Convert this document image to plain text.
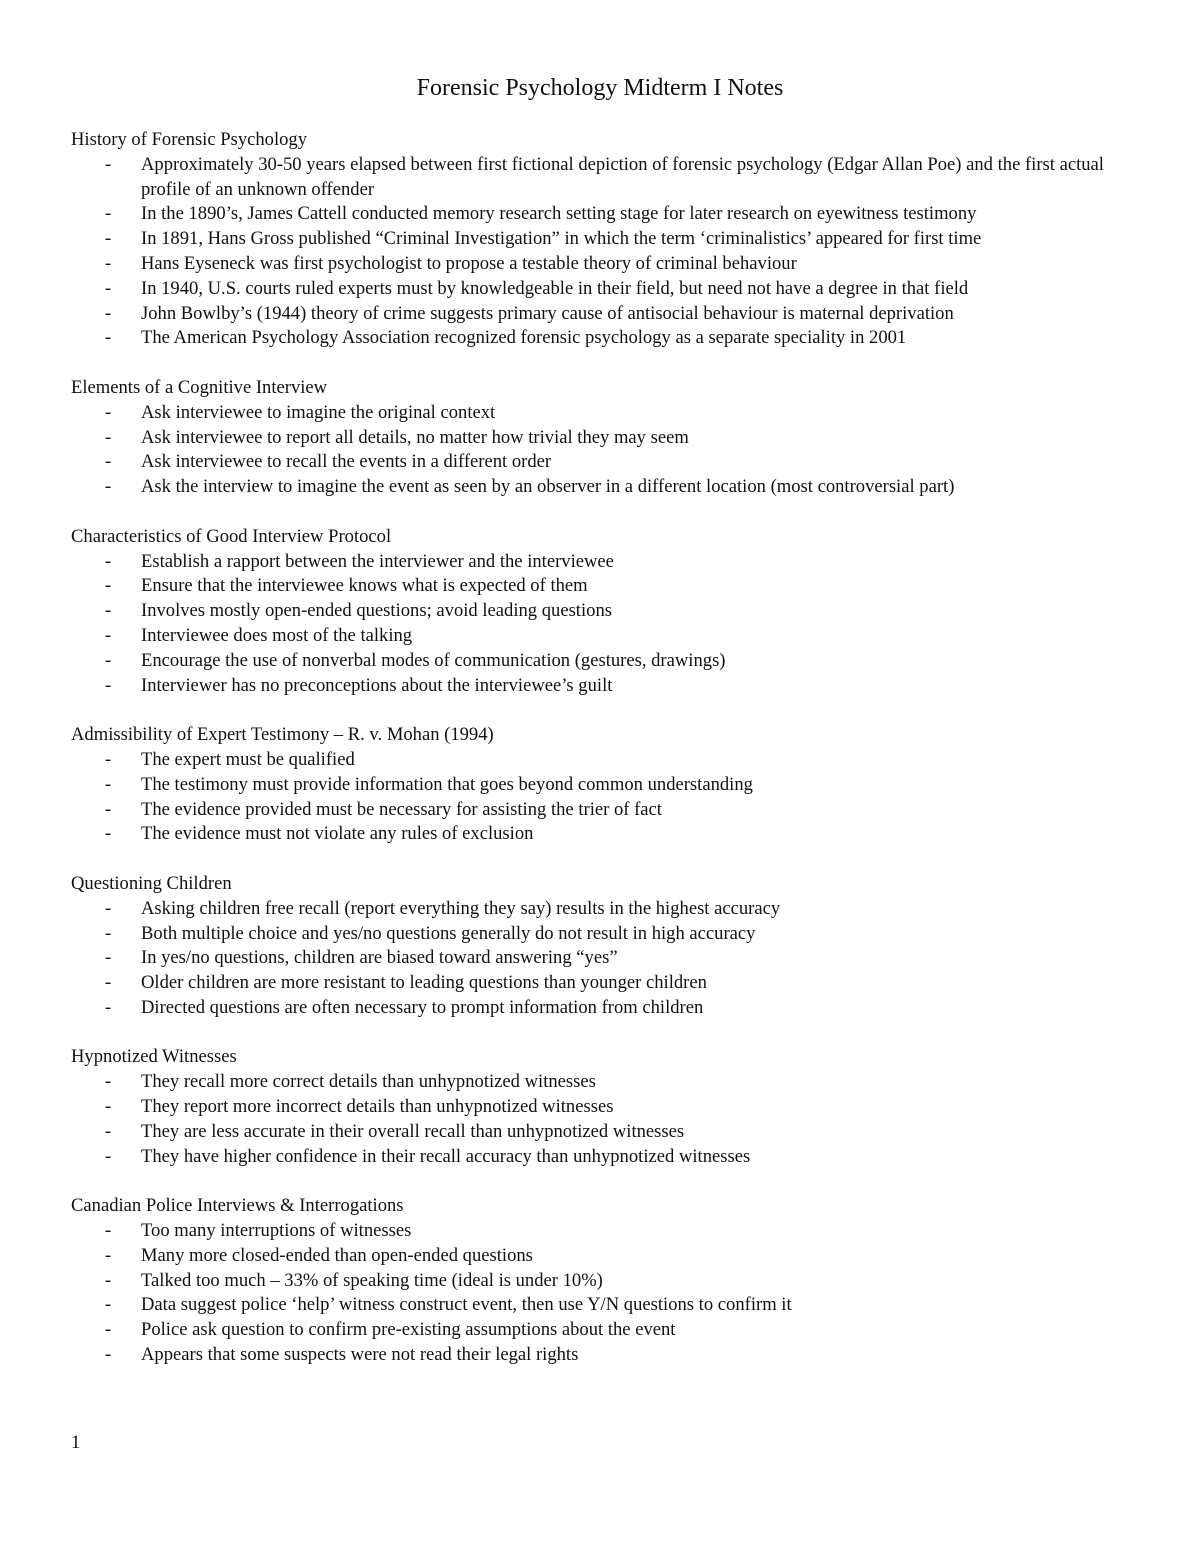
Forensic Psychology Midterm I Notes
History of Forensic Psychology
- Approximately 30-50 years elapsed between first fictional depiction of forensic psychology (Edgar Allan Poe) and the first actual profile of an unknown offender
- In the 1890’s, James Cattell conducted memory research setting stage for later research on eyewitness testimony
- In 1891, Hans Gross published “Criminal Investigation” in which the term ‘criminalistics’ appeared for first time
- Hans Eyseneck was first psychologist to propose a testable theory of criminal behaviour
- In 1940, U.S. courts ruled experts must by knowledgeable in their field, but need not have a degree in that field
- John Bowlby’s (1944) theory of crime suggests primary cause of antisocial behaviour is maternal deprivation
- The American Psychology Association recognized forensic psychology as a separate speciality in 2001
Elements of a Cognitive Interview
- Ask interviewee to imagine the original context
- Ask interviewee to report all details, no matter how trivial they may seem
- Ask interviewee to recall the events in a different order
- Ask the interview to imagine the event as seen by an observer in a different location (most controversial part)
Characteristics of Good Interview Protocol
- Establish a rapport between the interviewer and the interviewee
- Ensure that the interviewee knows what is expected of them
- Involves mostly open-ended questions; avoid leading questions
- Interviewee does most of the talking
- Encourage the use of nonverbal modes of communication (gestures, drawings)
- Interviewer has no preconceptions about the interviewee’s guilt
Admissibility of Expert Testimony – R. v. Mohan (1994)
- The expert must be qualified
- The testimony must provide information that goes beyond common understanding
- The evidence provided must be necessary for assisting the trier of fact
- The evidence must not violate any rules of exclusion
Questioning Children
- Asking children free recall (report everything they say) results in the highest accuracy
- Both multiple choice and yes/no questions generally do not result in high accuracy
- In yes/no questions, children are biased toward answering “yes”
- Older children are more resistant to leading questions than younger children
- Directed questions are often necessary to prompt information from children
Hypnotized Witnesses
- They recall more correct details than unhypnotized witnesses
- They report more incorrect details than unhypnotized witnesses
- They are less accurate in their overall recall than unhypnotized witnesses
- They have higher confidence in their recall accuracy than unhypnotized witnesses
Canadian Police Interviews & Interrogations
- Too many interruptions of witnesses
- Many more closed-ended than open-ended questions
- Talked too much – 33% of speaking time (ideal is under 10%)
- Data suggest police ‘help’ witness construct event, then use Y/N questions to confirm it
- Police ask question to confirm pre-existing assumptions about the event
- Appears that some suspects were not read their legal rights
1
